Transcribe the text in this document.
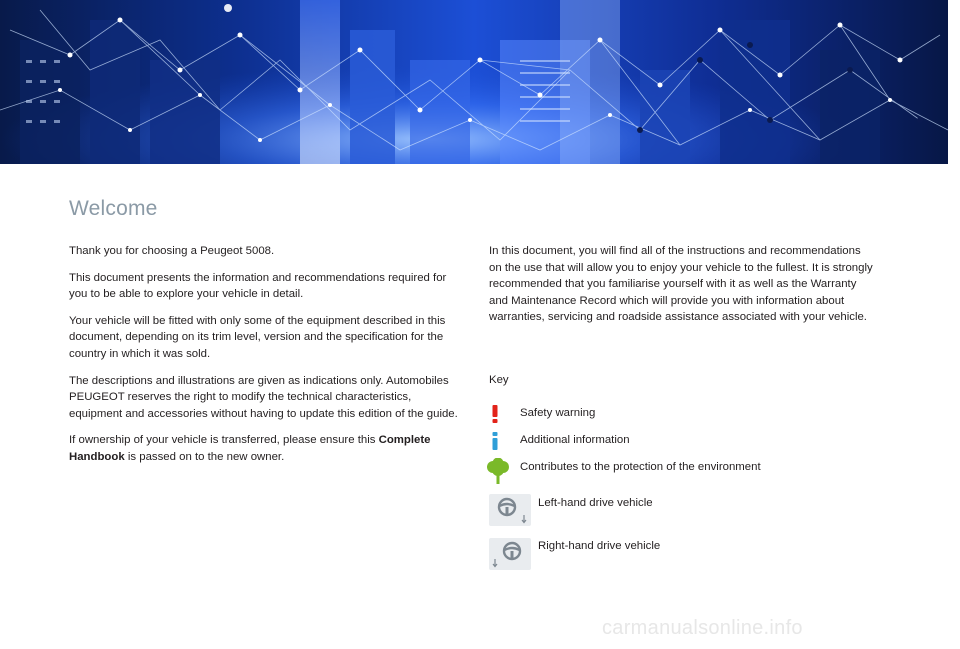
Welcome

Thank you for choosing a Peugeot 5008.

This document presents the information and recommendations required for you to be able to explore your vehicle in detail.

Your vehicle will be fitted with only some of the equipment described in this document, depending on its trim level, version and the specification for the country in which it was sold.

The descriptions and illustrations are given as indications only. Automobiles PEUGEOT reserves the right to modify the technical characteristics, equipment and accessories without having to update this edition of the guide.

If ownership of your vehicle is transferred, please ensure this Complete Handbook is passed on to the new owner.

In this document, you will find all of the instructions and recommendations on the use that will allow you to enjoy your vehicle to the fullest. It is strongly recommended that you familiarise yourself with it as well as the Warranty and Maintenance Record which will provide you with information about warranties, servicing and roadside assistance associated with your vehicle.

Key
Safety warning
Additional information
Contributes to the protection of the environment
Left-hand drive vehicle
Right-hand drive vehicle
carmanualsonline.info
